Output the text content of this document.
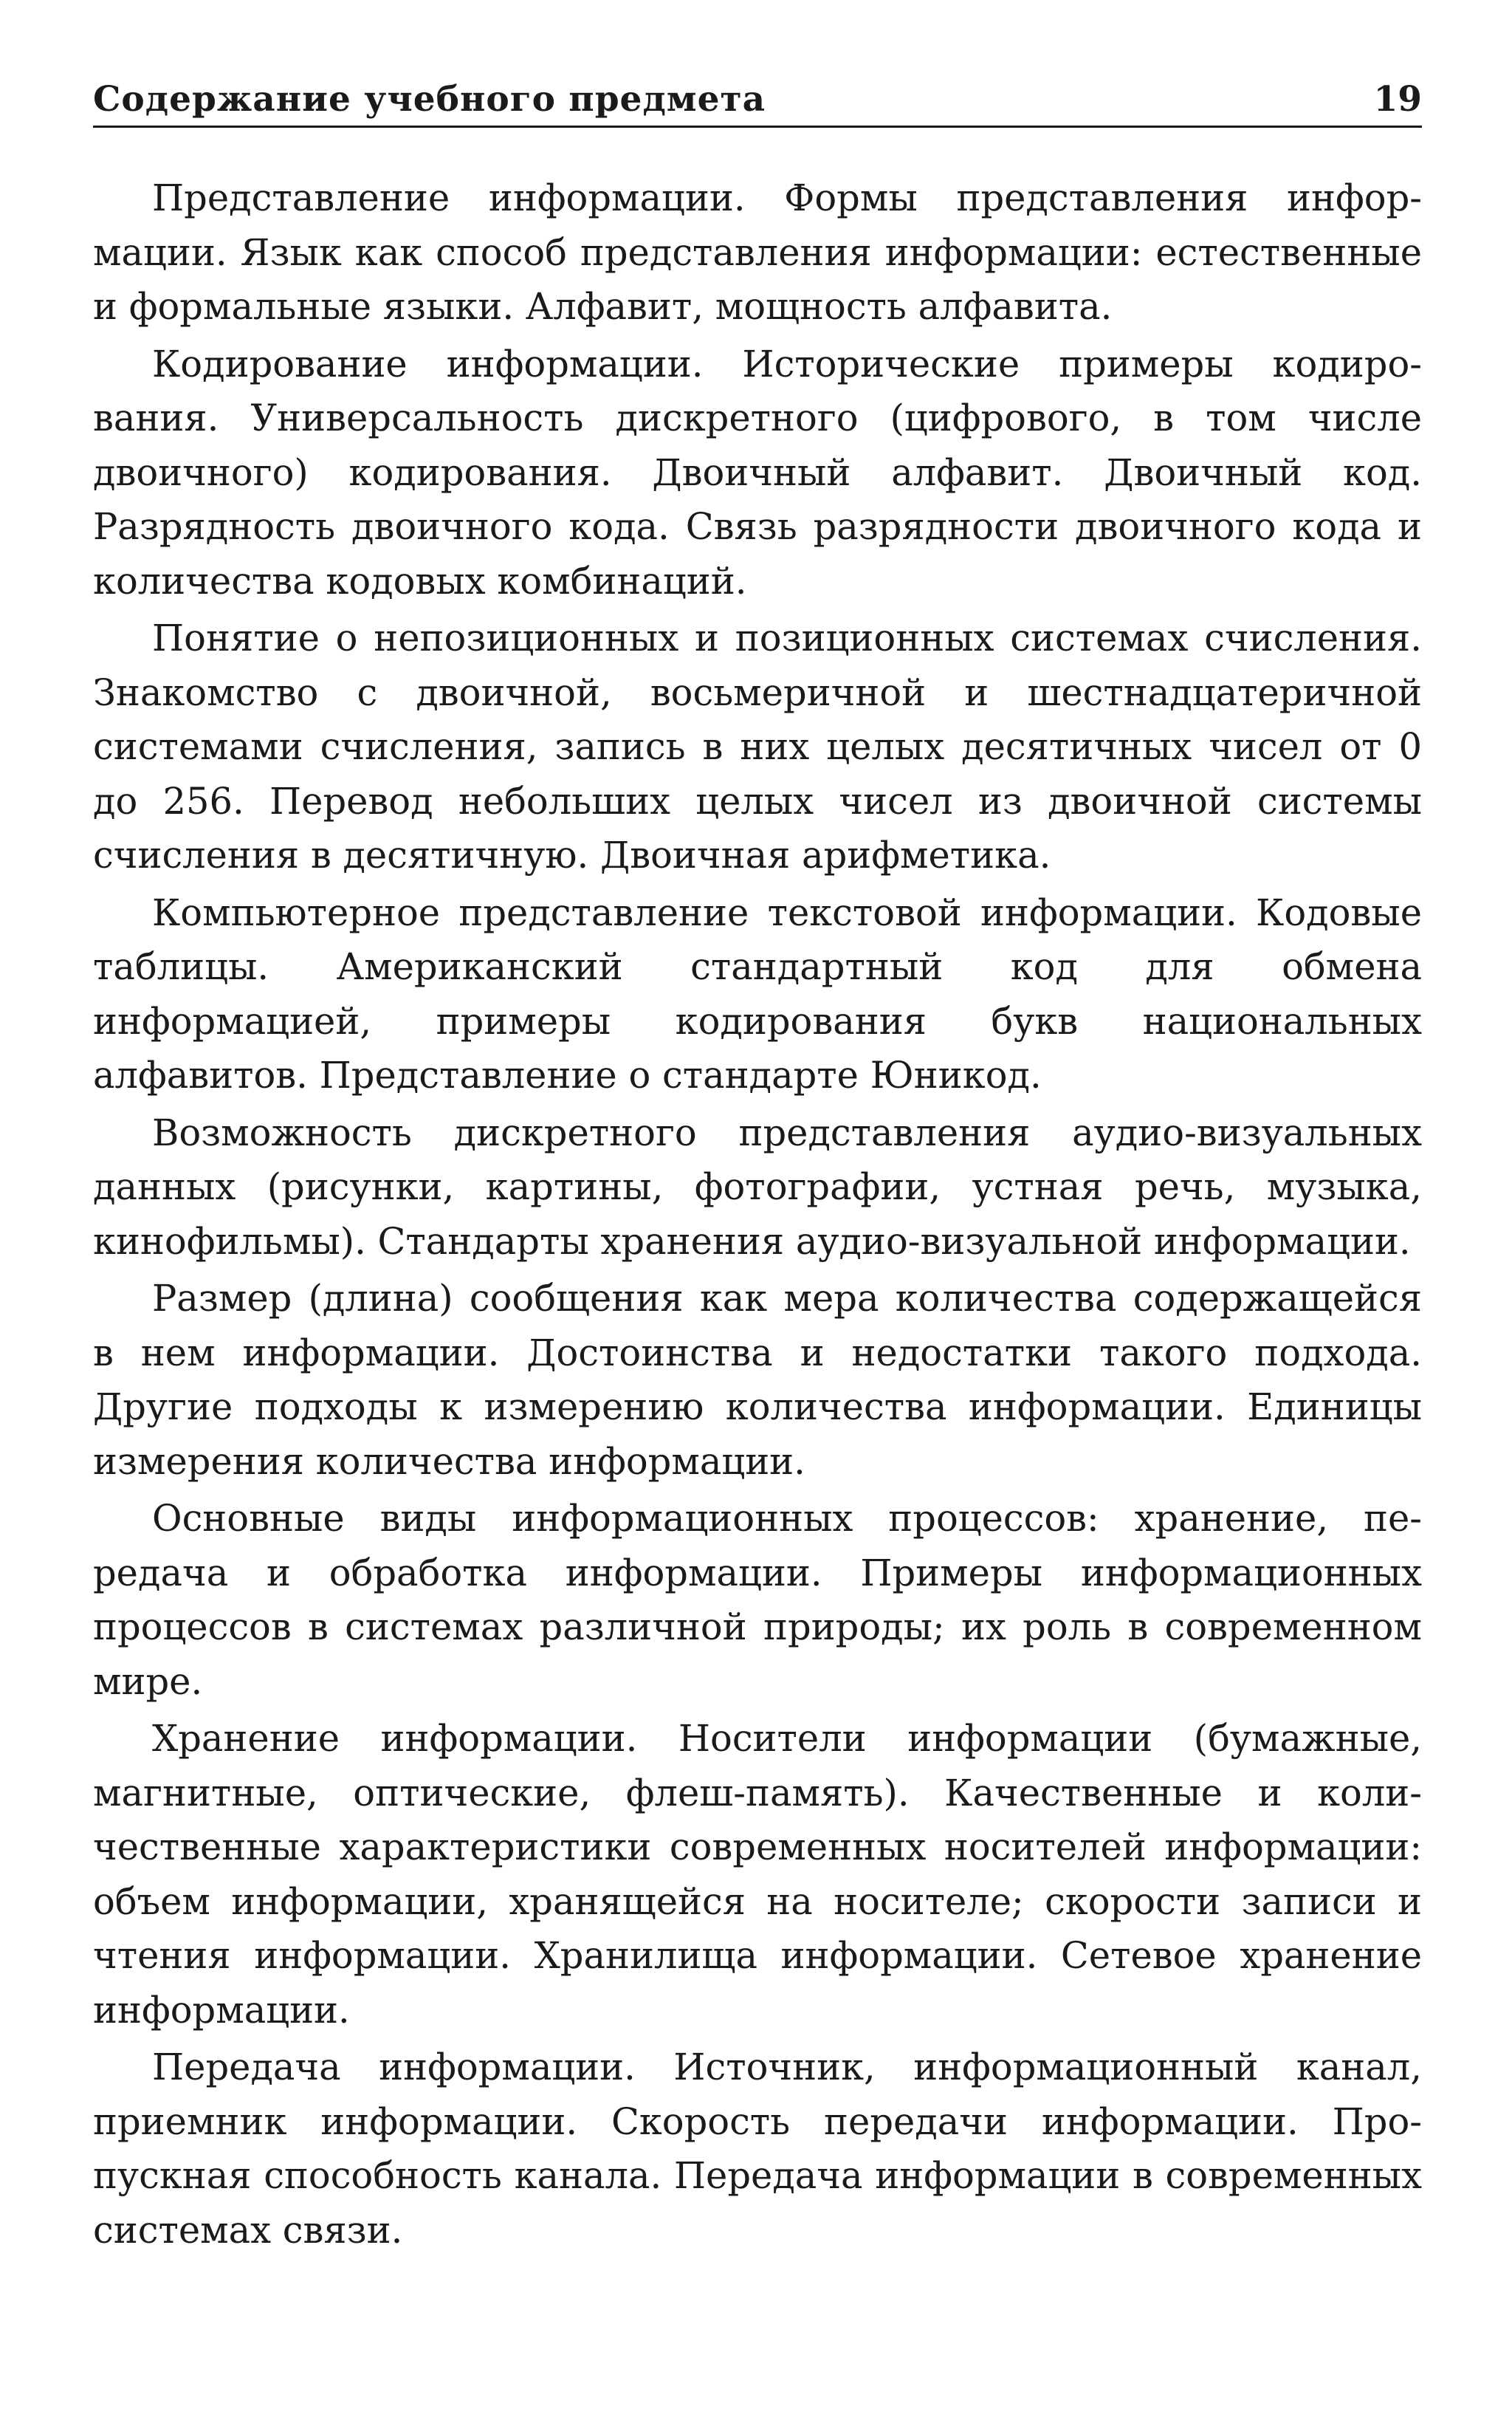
Содержание учебного предмета	19

Представление информации. Формы представления информации. Язык как способ представления информации: естественные и формальные языки. Алфавит, мощность алфавита.

Кодирование информации. Исторические примеры кодирования. Универсальность дискретного (цифрового, в том числе двоичного) кодирования. Двоичный алфавит. Двоичный код. Разрядность двоичного кода. Связь разрядности двоичного кода и количества кодовых комбинаций.

Понятие о непозиционных и позиционных системах счисления. Знакомство с двоичной, восьмеричной и шестнадцатеричной системами счисления, запись в них целых десятичных чисел от 0 до 256. Перевод небольших целых чисел из двоичной системы счисления в десятичную. Двоичная арифметика.

Компьютерное представление текстовой информации. Кодовые таблицы. Американский стандартный код для обмена информацией, примеры кодирования букв национальных алфавитов. Представление о стандарте Юникод.

Возможность дискретного представления аудио-визуальных данных (рисунки, картины, фотографии, устная речь, музыка, кинофильмы). Стандарты хранения аудио-визуальной информации.

Размер (длина) сообщения как мера количества содержащейся в нем информации. Достоинства и недостатки такого подхода. Другие подходы к измерению количества информации. Единицы измерения количества информации.

Основные виды информационных процессов: хранение, передача и обработка информации. Примеры информационных процессов в системах различной природы; их роль в современном мире.

Хранение информации. Носители информации (бумажные, магнитные, оптические, флеш-память). Качественные и количественные характеристики современных носителей информации: объем информации, хранящейся на носителе; скорости записи и чтения информации. Хранилища информации. Сетевое хранение информации.

Передача информации. Источник, информационный канал, приемник информации. Скорость передачи информации. Пропускная способность канала. Передача информации в современных системах связи.
